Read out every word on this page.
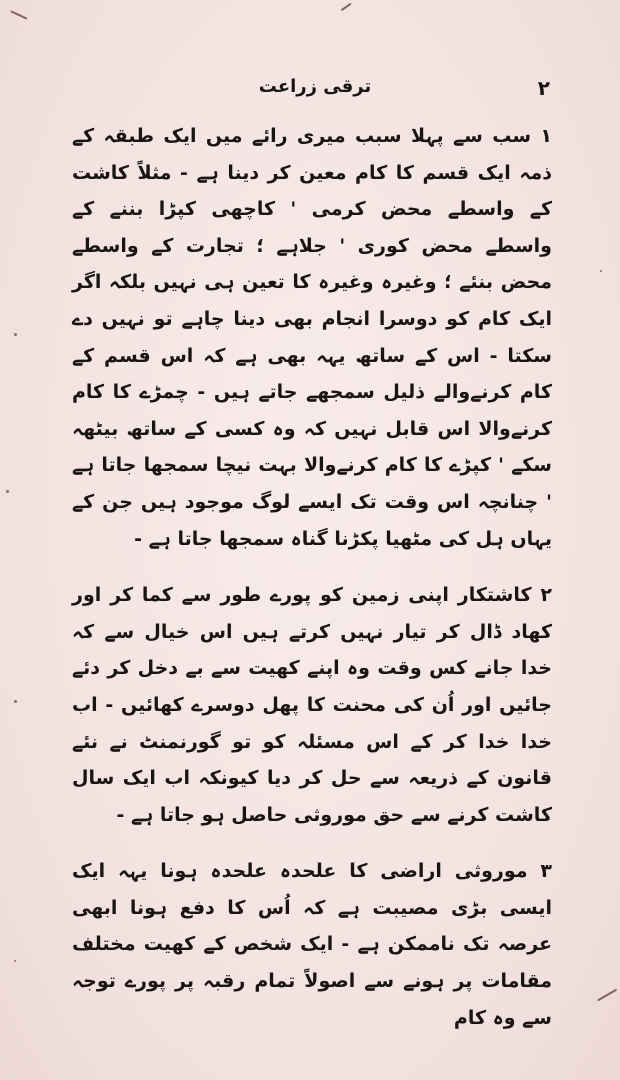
۲
ترقی زراعت

۱ سب سے پہلا سبب میری رائے میں ایک طبقہ کے ذمہ ایک قسم کا کام معین کر دینا ہے - مثلاً کاشت کے واسطے محض کرمی ' کاچھی کپڑا بننے کے واسطے محض کوری ' جلاہے ؛ تجارت کے واسطے محض بنئے ؛ وغیرہ وغیرہ کا تعین ہی نہیں بلکہ اگر ایک کام کو دوسرا انجام بھی دینا چاہے تو نہیں دے سکتا - اس کے ساتھ یہہ بھی ہے کہ اس قسم کے کام کرنےوالے ذلیل سمجھے جاتے ہیں - چمڑے کا کام کرنےوالا اس قابل نہیں کہ وہ کسی کے ساتھ بیٹھہ سکے ' کپڑے کا کام کرنےوالا بہت نیچا سمجھا جاتا ہے ' چنانچہ اس وقت تک ایسے لوگ موجود ہیں جن کے یہاں ہل کی مٹھیا پکڑنا گناہ سمجھا جاتا ہے -

۲ کاشتکار اپنی زمین کو پورے طور سے کما کر اور کھاد ڈال کر تیار نہیں کرتے ہیں اس خیال سے کہ خدا جانے کس وقت وہ اپنے کھیت سے بے دخل کر دئے جائیں اور اُن کی محنت کا پھل دوسرے کھائیں - اب خدا خدا کر کے اس مسئلہ کو تو گورنمنٹ نے نئے قانون کے ذریعہ سے حل کر دیا کیونکہ اب ایک سال کاشت کرنے سے حق موروثی حاصل ہو جاتا ہے -

۳ موروثی اراضی کا علحدہ علحدہ ہونا یہہ ایک ایسی بڑی مصیبت ہے کہ اُس کا دفع ہونا ابھی عرصہ تک ناممکن ہے - ایک شخص کے کھیت مختلف مقامات پر ہونے سے اصولاً تمام رقبہ پر پورے توجہ سے وہ کام
